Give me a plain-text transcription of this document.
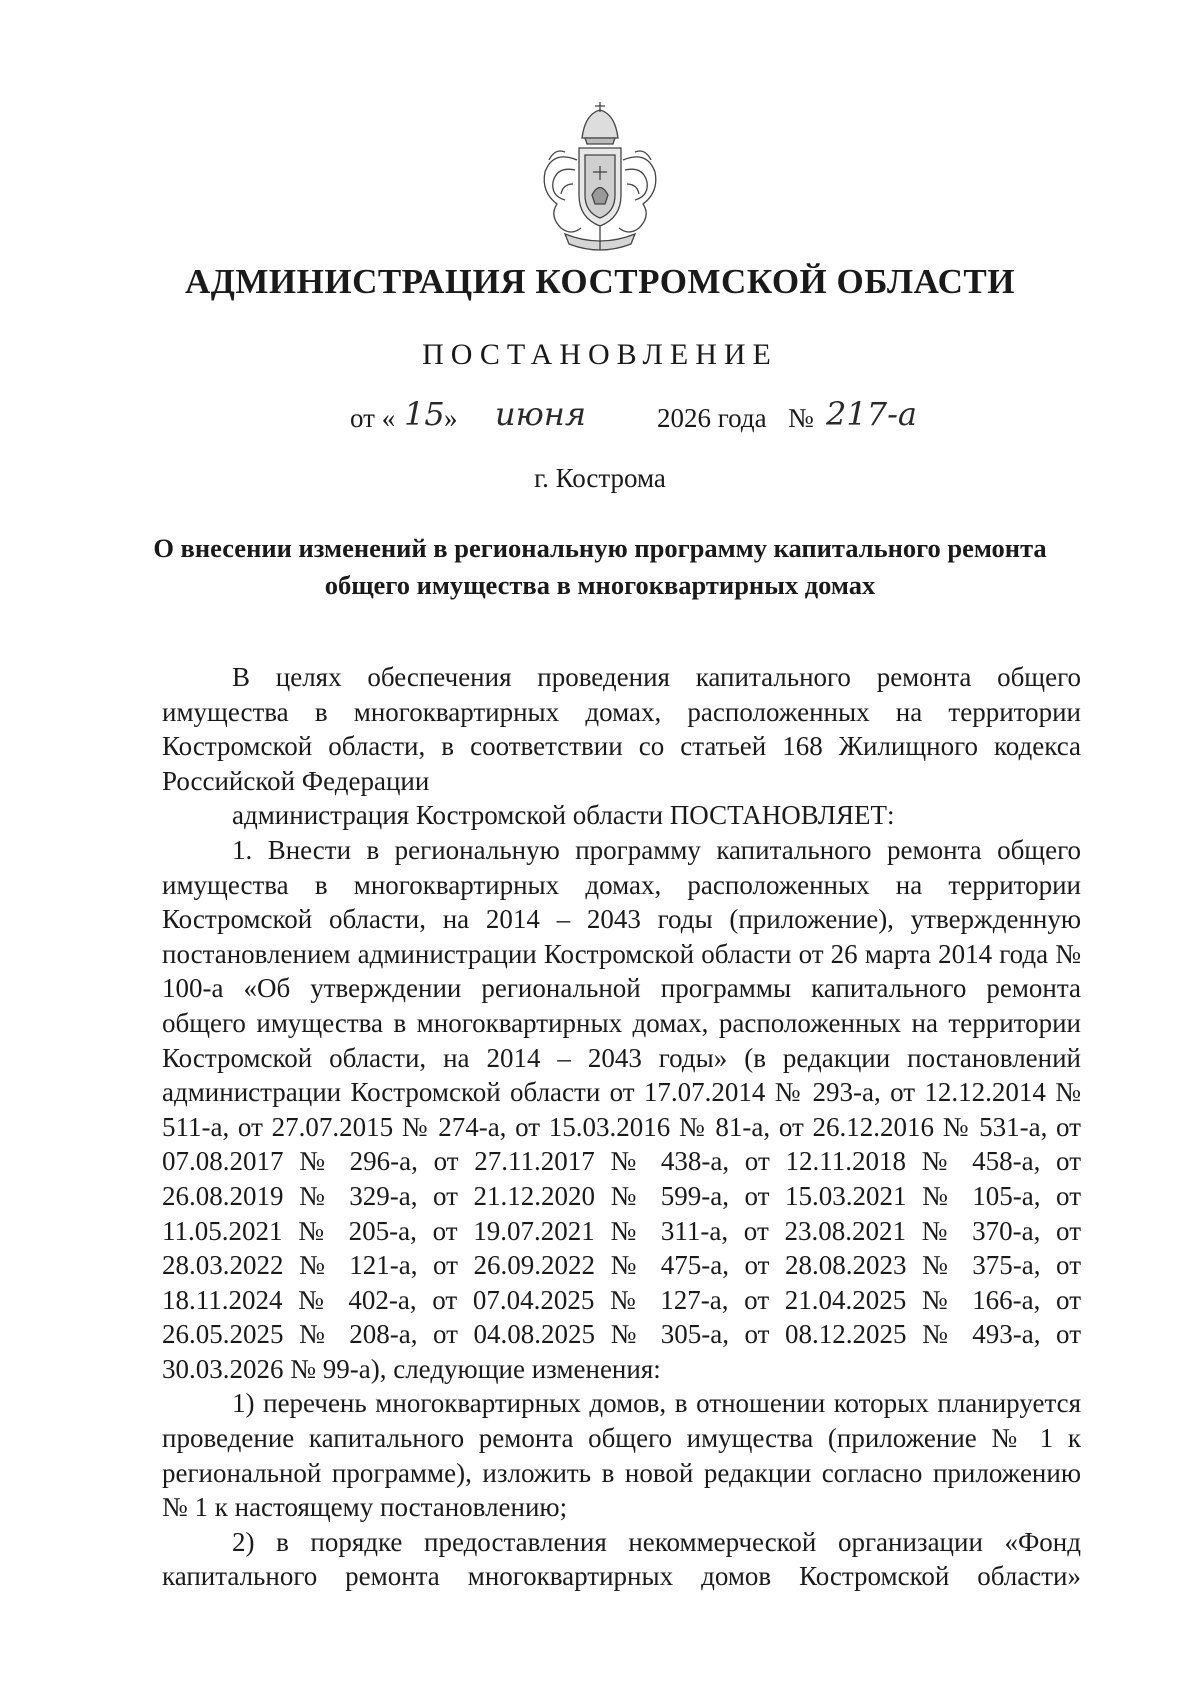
АДМИНИСТРАЦИЯ КОСТРОМСКОЙ ОБЛАСТИ
ПОСТАНОВЛЕНИЕ
от « 15 » июня	2026 года № 217-а
г. Кострома
О внесении изменений в региональную программу капитального ремонта общего имущества в многоквартирных домах

В целях обеспечения проведения капитального ремонта общего имущества в многоквартирных домах, расположенных на территории Костромской области, в соответствии со статьей 168 Жилищного кодекса Российской Федерации

администрация Костромской области ПОСТАНОВЛЯЕТ:

1. Внести в региональную программу капитального ремонта общего имущества в многоквартирных домах, расположенных на территории Костромской области, на 2014 – 2043 годы (приложение), утвержденную постановлением администрации Костромской области от 26 марта 2014 года № 100-а «Об утверждении региональной программы капитального ремонта общего имущества в многоквартирных домах, расположенных на территории Костромской области, на 2014 – 2043 годы» (в редакции постановлений администрации Костромской области от 17.07.2014 № 293-а, от 12.12.2014 № 511-а, от 27.07.2015 № 274-а, от 15.03.2016 № 81-а, от 26.12.2016 № 531-а, от 07.08.2017 № 296-а, от 27.11.2017 № 438-а, от 12.11.2018 № 458-а, от 26.08.2019 № 329-а, от 21.12.2020 № 599-а, от 15.03.2021 № 105-а, от 11.05.2021 № 205-а, от 19.07.2021 № 311-а, от 23.08.2021 № 370-а, от 28.03.2022 № 121-а, от 26.09.2022 № 475-а, от 28.08.2023 № 375-а, от 18.11.2024 № 402-а, от 07.04.2025 № 127-а, от 21.04.2025 № 166-а, от 26.05.2025 № 208-а, от 04.08.2025 № 305-а, от 08.12.2025 № 493-а, от 30.03.2026 № 99-а), следующие изменения:

1) перечень многоквартирных домов, в отношении которых планируется проведение капитального ремонта общего имущества (приложение № 1 к региональной программе), изложить в новой редакции согласно приложению № 1 к настоящему постановлению;

2) в порядке предоставления некоммерческой организации «Фонд капитального ремонта многоквартирных домов Костромской области»
